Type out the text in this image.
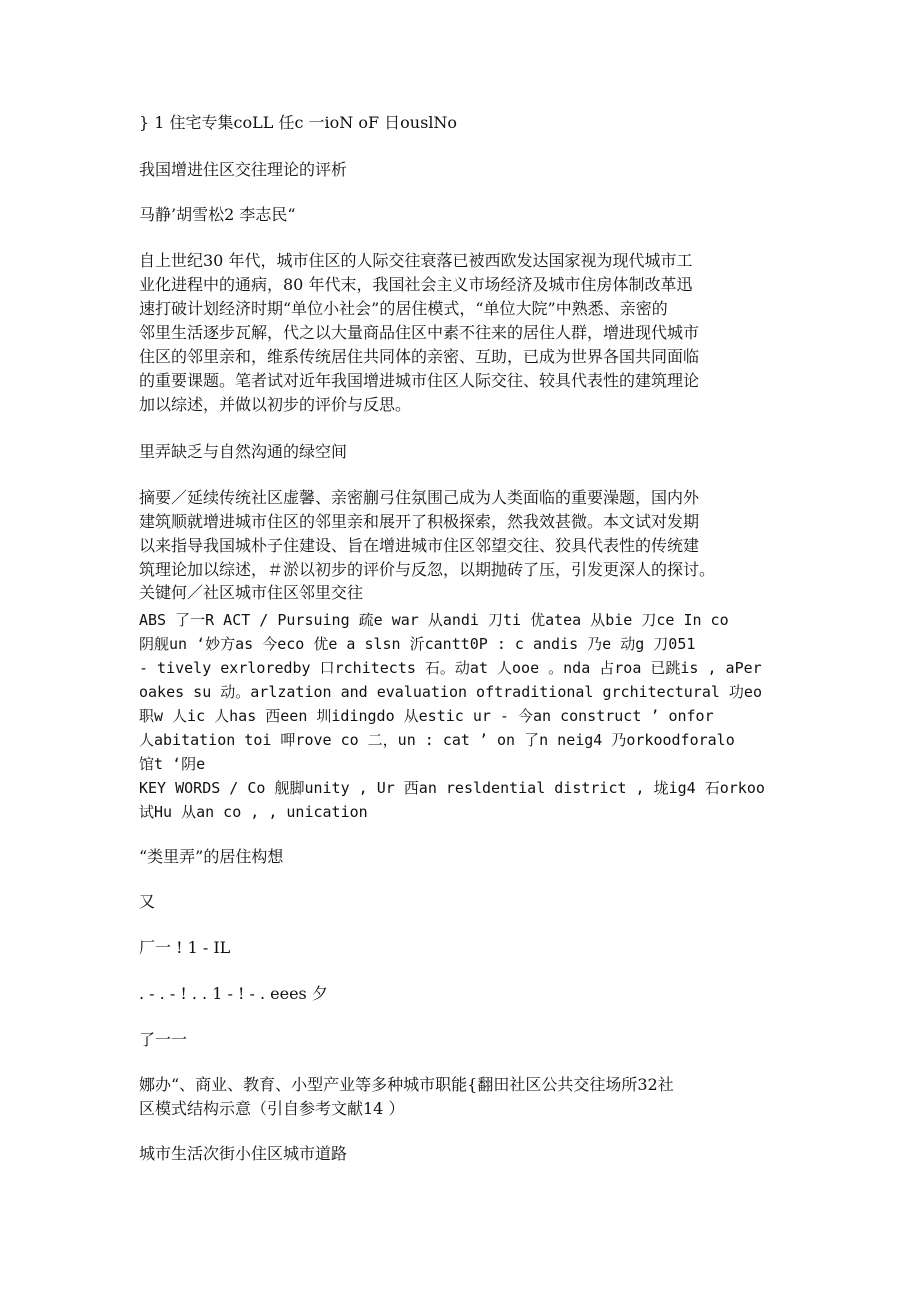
} 1 住宅专集coLL 任c 一ioN oF 日ouslNo

我国增进住区交往理论的评析

马静’胡雪松2 李志民“

自上世纪30 年代，城市住区的人际交往衰落已被西欧发达国家视为现代城市工
业化进程中的通病，80 年代末，我国社会主义市场经济及城市住房体制改革迅
速打破计划经济时期“单位小社会”的居住模式，“单位大院”中熟悉、亲密的
邻里生活逐步瓦解，代之以大量商品住区中素不往来的居住人群，增进现代城市
住区的邻里亲和，维系传统居住共同体的亲密、互助，已成为世界各国共同面临
的重要课题。笔者试对近年我国增进城市住区人际交往、较具代表性的建筑理论
加以综述，并做以初步的评价与反思。

里弄缺乏与自然沟通的绿空间

摘要／延续传统社区虚馨、亲密蒯弓住氛围己成为人类面临的重要澡题，国内外
建筑顺就增进城市住区的邻里亲和展开了积极探索，然我效甚微。本文试对发期
以来指导我国城朴子住建设、旨在增进城市住区邻望交往、狡具代表性的传统建
筑理论加以综述，＃淤以初步的评价与反忽，以期抛砖了压，引发更深人的探讨。
关键何／社区城市住区邻里交往
ABS 了一R ACT / Pursuing 疏e war 从andi 刀ti 优atea 从bie 刀ce In co
阴舰un ‘妙方as 今eco 优e a slsn 沂cantt0P : c andis 乃e 动g 刀051
- tively exrloredby 口rchitects 石。动at 人ooe 。nda 占roa 已跳is , aPer
oakes su 动。arlzation and evaluation oftraditional grchitectural 功eo
职w 人ic 人has 西een 圳idingdo 从estic ur - 今an construct ’ onfor
人abitation toi 呷rove co 二，un : cat ’ on 了n neig4 乃orkoodforalo
馆t ‘阴e
KEY WORDS / Co 舰脚unity , Ur 西an resldential district , 垅ig4 石orkoo
试Hu 从an co , , unication

“类里弄”的居住构想

又

厂一 ! 1 - IL

. - . - ! . . 1 - ! - . eees 夕

了一一

娜办“、商业、教育、小型产业等多种城市职能{翻田社区公共交往场所32社
区模式结构示意（引自参考文献14 ）

城市生活次街小住区城市道路
